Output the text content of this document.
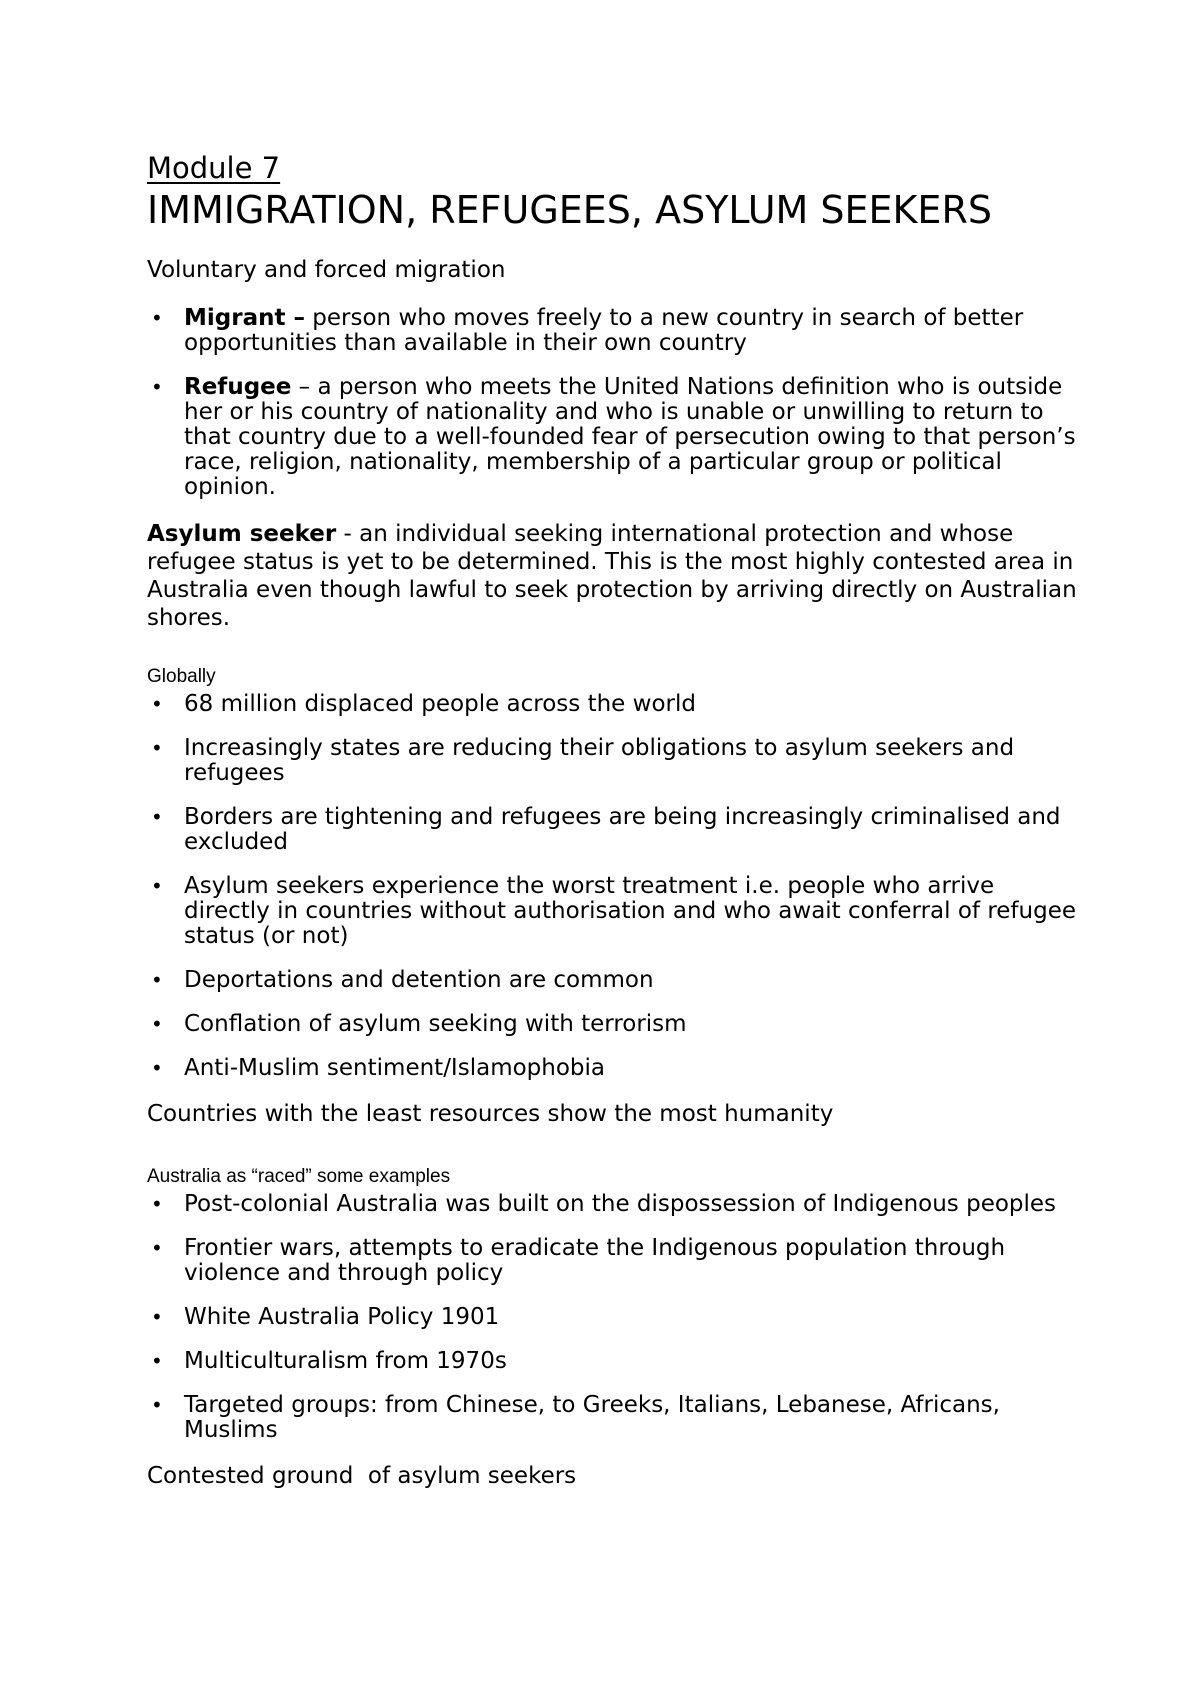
Module 7
IMMIGRATION, REFUGEES, ASYLUM SEEKERS
Voluntary and forced migration
• Migrant – person who moves freely to a new country in search of better opportunities than available in their own country
• Refugee – a person who meets the United Nations definition who is outside her or his country of nationality and who is unable or unwilling to return to that country due to a well-founded fear of persecution owing to that person’s race, religion, nationality, membership of a particular group or political opinion.

Asylum seeker - an individual seeking international protection and whose refugee status is yet to be determined. This is the most highly contested area in Australia even though lawful to seek protection by arriving directly on Australian shores.

Globally
• 68 million displaced people across the world
• Increasingly states are reducing their obligations to asylum seekers and refugees
• Borders are tightening and refugees are being increasingly criminalised and excluded
• Asylum seekers experience the worst treatment i.e. people who arrive directly in countries without authorisation and who await conferral of refugee status (or not)
• Deportations and detention are common
• Conflation of asylum seeking with terrorism
• Anti-Muslim sentiment/Islamophobia

Countries with the least resources show the most humanity

Australia as “raced” some examples
• Post-colonial Australia was built on the dispossession of Indigenous peoples
• Frontier wars, attempts to eradicate the Indigenous population through violence and through policy
• White Australia Policy 1901
• Multiculturalism from 1970s
• Targeted groups: from Chinese, to Greeks, Italians, Lebanese, Africans, Muslims

Contested ground  of asylum seekers
